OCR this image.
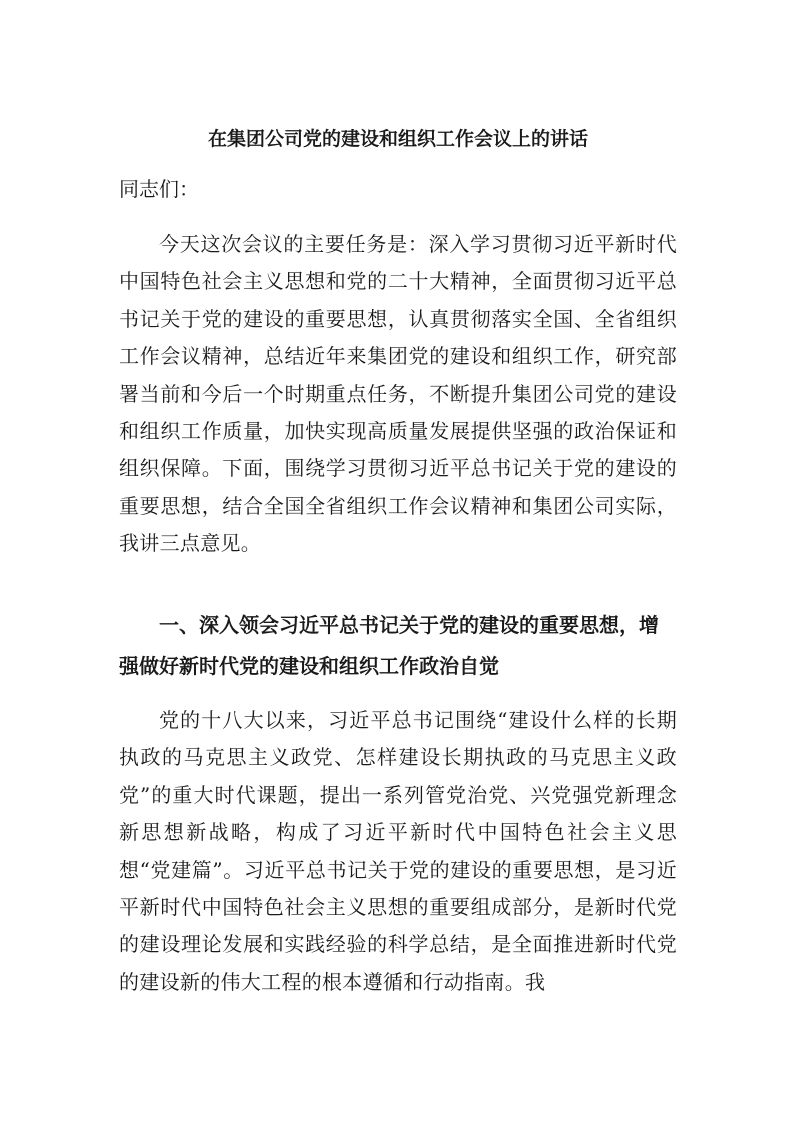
在集团公司党的建设和组织工作会议上的讲话
同志们：

今天这次会议的主要任务是：深入学习贯彻习近平新时代中国特色社会主义思想和党的二十大精神，全面贯彻习近平总书记关于党的建设的重要思想，认真贯彻落实全国、全省组织工作会议精神，总结近年来集团党的建设和组织工作，研究部署当前和今后一个时期重点任务，不断提升集团公司党的建设和组织工作质量，加快实现高质量发展提供坚强的政治保证和组织保障。下面，围绕学习贯彻习近平总书记关于党的建设的重要思想，结合全国全省组织工作会议精神和集团公司实际，我讲三点意见。

一、深入领会习近平总书记关于党的建设的重要思想，增强做好新时代党的建设和组织工作政治自觉

党的十八大以来，习近平总书记围绕“建设什么样的长期执政的马克思主义政党、怎样建设长期执政的马克思主义政党”的重大时代课题，提出一系列管党治党、兴党强党新理念新思想新战略，构成了习近平新时代中国特色社会主义思想“党建篇”。习近平总书记关于党的建设的重要思想，是习近平新时代中国特色社会主义思想的重要组成部分，是新时代党的建设理论发展和实践经验的科学总结，是全面推进新时代党的建设新的伟大工程的根本遵循和行动指南。我
